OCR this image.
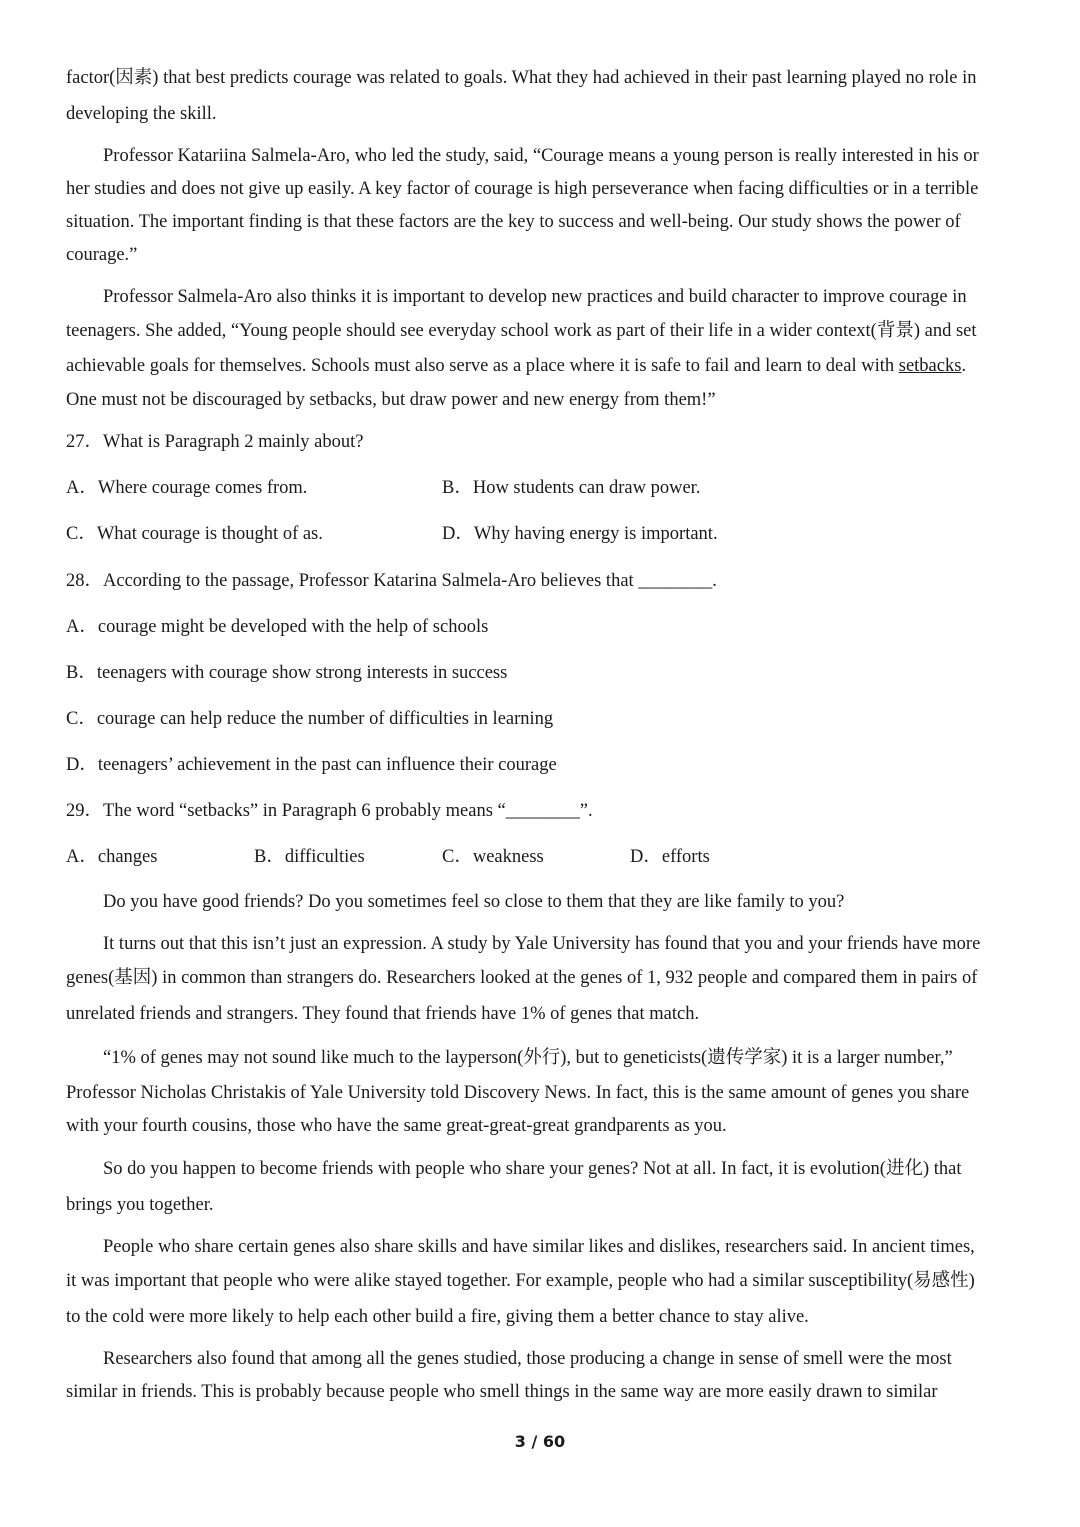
factor(因素) that best predicts courage was related to goals. What they had achieved in their past learning played no role in
developing the skill.
Professor Katariina Salmela-Aro, who led the study, said, “Courage means a young person is really interested in his or
her studies and does not give up easily. A key factor of courage is high perseverance when facing difficulties or in a terrible
situation. The important finding is that these factors are the key to success and well-being. Our study shows the power of
courage.”
Professor Salmela-Aro also thinks it is important to develop new practices and build character to improve courage in
teenagers. She added, “Young people should see everyday school work as part of their life in a wider context(背景) and set
achievable goals for themselves. Schools must also serve as a place where it is safe to fail and learn to deal with setbacks.
One must not be discouraged by setbacks, but draw power and new energy from them!”
27．What is Paragraph 2 mainly about?
A．Where courage comes from.	B．How students can draw power.
C．What courage is thought of as.	D．Why having energy is important.
28．According to the passage, Professor Katarina Salmela-Aro believes that ________.
A．courage might be developed with the help of schools
B．teenagers with courage show strong interests in success
C．courage can help reduce the number of difficulties in learning
D．teenagers’ achievement in the past can influence their courage
29．The word “setbacks” in Paragraph 6 probably means “________”.
A．changes	B．difficulties	C．weakness	D．efforts
Do you have good friends? Do you sometimes feel so close to them that they are like family to you?
It turns out that this isn’t just an expression. A study by Yale University has found that you and your friends have more
genes(基因) in common than strangers do. Researchers looked at the genes of 1, 932 people and compared them in pairs of
unrelated friends and strangers. They found that friends have 1% of genes that match.
“1% of genes may not sound like much to the layperson(外行), but to geneticists(遗传学家) it is a larger number,”
Professor Nicholas Christakis of Yale University told Discovery News. In fact, this is the same amount of genes you share
with your fourth cousins, those who have the same great-great-great grandparents as you.
So do you happen to become friends with people who share your genes? Not at all. In fact, it is evolution(进化) that
brings you together.
People who share certain genes also share skills and have similar likes and dislikes, researchers said. In ancient times,
it was important that people who were alike stayed together. For example, people who had a similar susceptibility(易感性)
to the cold were more likely to help each other build a fire, giving them a better chance to stay alive.
Researchers also found that among all the genes studied, those producing a change in sense of smell were the most
similar in friends. This is probably because people who smell things in the same way are more easily drawn to similar
3 / 60
